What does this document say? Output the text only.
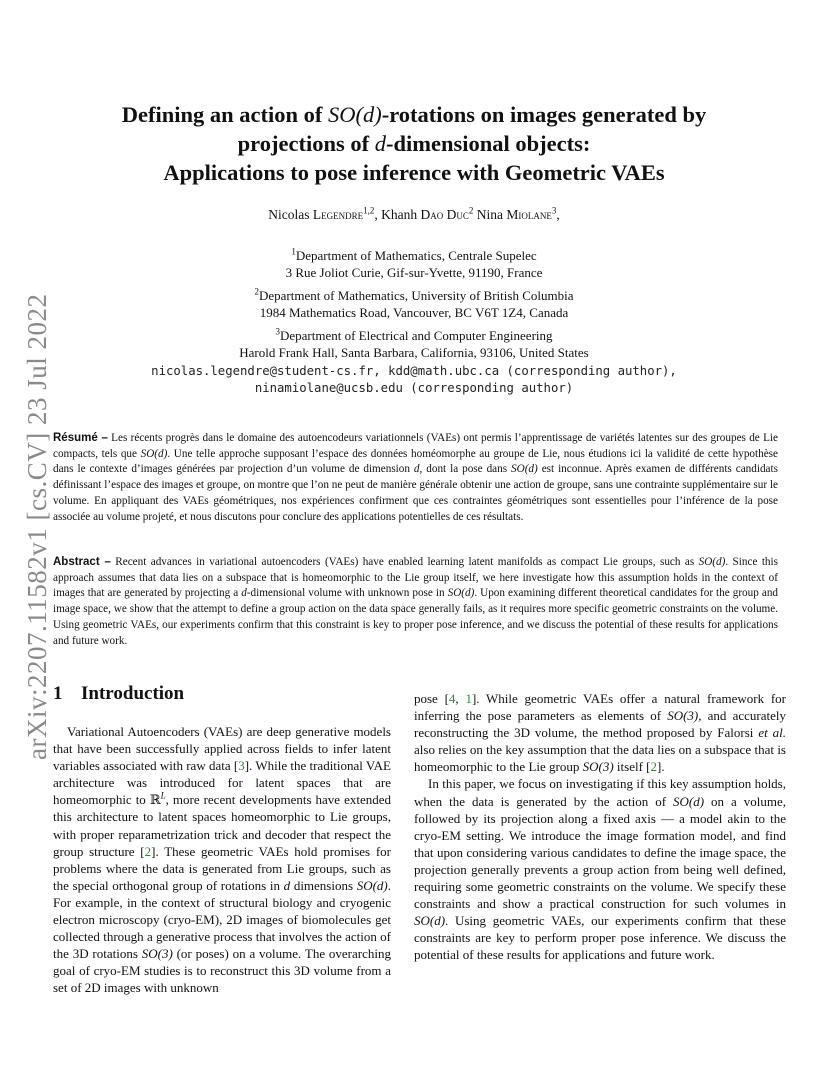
arXiv:2207.11582v1 [cs.CV] 23 Jul 2022
Defining an action of SO(d)-rotations on images generated by
projections of d-dimensional objects:
Applications to pose inference with Geometric VAEs
Nicolas Legendre$^{1,2}$, Khanh Dao Duc$^2$ Nina Miolane$^3$,
$^1$Department of Mathematics, Centrale Supelec
3 Rue Joliot Curie, Gif-sur-Yvette, 91190, France
$^2$Department of Mathematics, University of British Columbia
1984 Mathematics Road, Vancouver, BC V6T 1Z4, Canada
$^3$Department of Electrical and Computer Engineering
Harold Frank Hall, Santa Barbara, California, 93106, United States
nicolas.legendre@student-cs.fr, kdd@math.ubc.ca (corresponding author),
ninamiolane@ucsb.edu (corresponding author)
Résumé – Les récents progrès dans le domaine des autoencodeurs variationnels (VAEs) ont permis l’apprentissage de variétés latentes sur des groupes de Lie compacts, tels que SO(d). Une telle approche supposant l’espace des données homéomorphe au groupe de Lie, nous étudions ici la validité de cette hypothèse dans le contexte d’images générées par projection d’un volume de dimension d, dont la pose dans SO(d) est inconnue. Après examen de différents candidats définissant l’espace des images et groupe, on montre que l’on ne peut de manière générale obtenir une action de groupe, sans une contrainte supplémentaire sur le volume. En appliquant des VAEs géométriques, nos expériences confirment que ces contraintes géométriques sont essentielles pour l’inférence de la pose associée au volume projeté, et nous discutons pour conclure des applications potentielles de ces résultats.
Abstract – Recent advances in variational autoencoders (VAEs) have enabled learning latent manifolds as compact Lie groups, such as SO(d). Since this approach assumes that data lies on a subspace that is homeomorphic to the Lie group itself, we here investigate how this assumption holds in the context of images that are generated by projecting a d-dimensional volume with unknown pose in SO(d). Upon examining different theoretical candidates for the group and image space, we show that the attempt to define a group action on the data space generally fails, as it requires more specific geometric constraints on the volume. Using geometric VAEs, our experiments confirm that this constraint is key to proper pose inference, and we discuss the potential of these results for applications and future work.
1 Introduction

Variational Autoencoders (VAEs) are deep generative models that have been successfully applied across fields to infer latent variables associated with raw data [3]. While the traditional VAE architecture was introduced for latent spaces that are homeomorphic to ℝ$^L$, more recent developments have extended this architecture to latent spaces homeomorphic to Lie groups, with proper reparametrization trick and decoder that respect the group structure [2]. These geometric VAEs hold promises for problems where the data is generated from Lie groups, such as the special orthogonal group of rotations in d dimensions SO(d). For example, in the context of structural biology and cryogenic electron microscopy (cryo-EM), 2D images of biomolecules get collected through a generative process that involves the action of the 3D rotations SO(3) (or poses) on a volume. The overarching goal of cryo-EM studies is to reconstruct this 3D volume from a set of 2D images with unknown

pose [4, 1]. While geometric VAEs offer a natural framework for inferring the pose parameters as elements of SO(3), and accurately reconstructing the 3D volume, the method proposed by Falorsi et al. also relies on the key assumption that the data lies on a subspace that is homeomorphic to the Lie group SO(3) itself [2].

In this paper, we focus on investigating if this key assumption holds, when the data is generated by the action of SO(d) on a volume, followed by its projection along a fixed axis — a model akin to the cryo-EM setting. We introduce the image formation model, and find that upon considering various candidates to define the image space, the projection generally prevents a group action from being well defined, requiring some geometric constraints on the volume. We specify these constraints and show a practical construction for such volumes in SO(d). Using geometric VAEs, our experiments confirm that these constraints are key to perform proper pose inference. We discuss the potential of these results for applications and future work.
